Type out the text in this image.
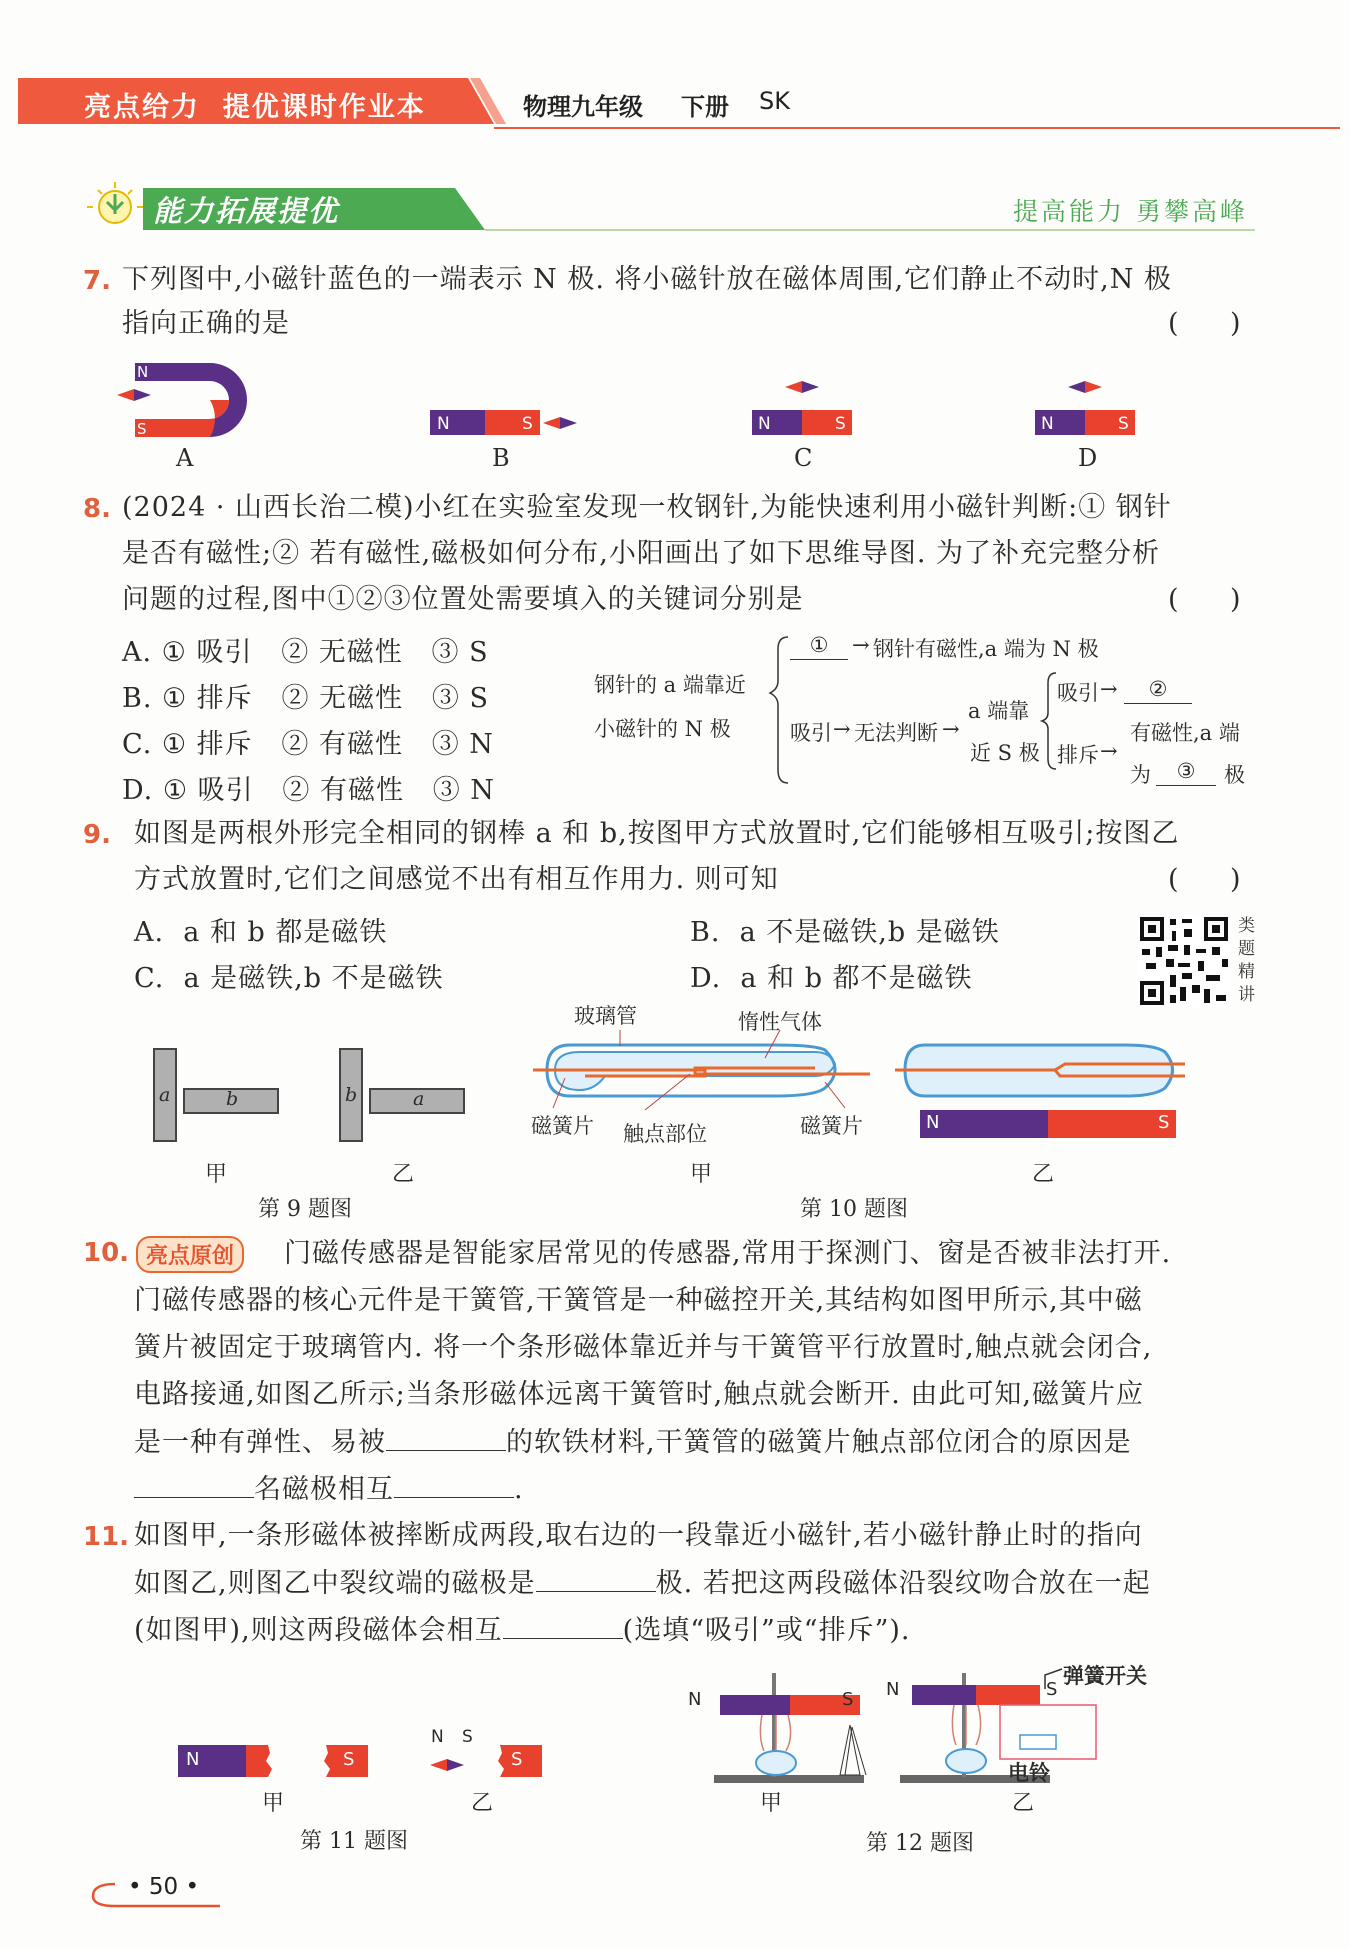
亮点给力  提优课时作业本	物理九年级 下册 SK
能力拓展提优	提高能力 勇攀高峰
7. 下列图中,小磁针蓝色的一端表示 N 极. 将小磁针放在磁体周围,它们静止不动时,N 极
指向正确的是	(      )
N
S	N	S	N	S	N	S
A	B	C	D
8. (2024 · 山西长治二模)小红在实验室发现一枚钢针,为能快速利用小磁针判断:① 钢针
是否有磁性;② 若有磁性,磁极如何分布,小阳画出了如下思维导图. 为了补充完整分析
问题的过程,图中①②③位置处需要填入的关键词分别是	(      )
A. ① 吸引   ② 无磁性   ③ S
B. ① 排斥   ② 无磁性   ③ S
C. ① 排斥   ② 有磁性   ③ N
D. ① 吸引   ② 有磁性   ③ N
钢针的 a 端靠近
小磁针的 N 极
①	→ 钢针有磁性,a 端为 N 极
吸引 → 无法判断 →
a 端靠
近 S 极
吸引 →	②
排斥 →
有磁性,a 端
为	③	极
9. 如图是两根外形完全相同的钢棒 a 和 b,按图甲方式放置时,它们能够相互吸引;按图乙
方式放置时,它们之间感觉不出有相互作用力. 则可知	(      )
A.  a 和 b 都是磁铁	B.  a 不是磁铁,b 是磁铁
C.  a 是磁铁,b 不是磁铁	D.  a 和 b 都不是磁铁
类题精讲
a	b	b	a
甲	乙
第 9 题图
玻璃管	惰性气体
N	S
磁簧片 触点部位	磁簧片
甲	乙
第 10 题图
10. 亮点原创	门磁传感器是智能家居常见的传感器,常用于探测门、窗是否被非法打开.
门磁传感器的核心元件是干簧管,干簧管是一种磁控开关,其结构如图甲所示,其中磁
簧片被固定于玻璃管内. 将一个条形磁体靠近并与干簧管平行放置时,触点就会闭合,
电路接通,如图乙所示;当条形磁体远离干簧管时,触点就会断开. 由此可知,磁簧片应
是一种有弹性、易被	的软铁材料,干簧管的磁簧片触点部位闭合的原因是
名磁极相互	.
11. 如图甲,一条形磁体被摔断成两段,取右边的一段靠近小磁针,若小磁针静止时的指向
如图乙,则图乙中裂纹端的磁极是	极. 若把这两段磁体沿裂纹吻合放在一起
(如图甲),则这两段磁体会相互	(选填“吸引”或“排斥”).
N	S
N S
S
甲	乙
第 11 题图
N	S N	S
弹簧开关
电铃
甲	乙
第 12 题图
• 50 •
